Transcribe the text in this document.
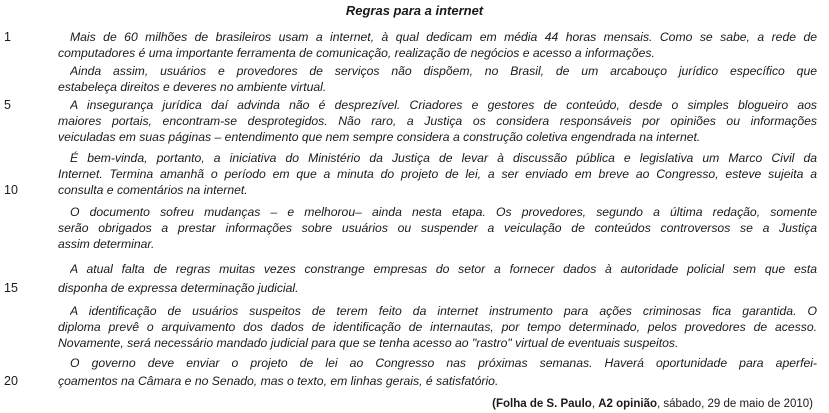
Regras para a internet
1	Mais de 60 milhões de brasileiros usam a internet, à qual dedicam em média 44 horas mensais. Como se sabe, a rede de
computadores é uma importante ferramenta de comunicação, realização de negócios e acesso a informações.
Ainda assim, usuários e provedores de serviços não dispõem, no Brasil, de um arcabouço jurídico específico que
estabeleça direitos e deveres no ambiente virtual.
5	A insegurança jurídica daí advinda não é desprezível. Criadores e gestores de conteúdo, desde o simples blogueiro aos
maiores portais, encontram-se desprotegidos. Não raro, a Justiça os considera responsáveis por opiniões ou informações
veiculadas em suas páginas – entendimento que nem sempre considera a construção coletiva engendrada na internet.
É bem-vinda, portanto, a iniciativa do Ministério da Justiça de levar à discussão pública e legislativa um Marco Civil da
Internet. Termina amanhã o período em que a minuta do projeto de lei, a ser enviado em breve ao Congresso, esteve sujeita a
10	consulta e comentários na internet.
O documento sofreu mudanças – e melhorou– ainda nesta etapa. Os provedores, segundo a última redação, somente
serão obrigados a prestar informações sobre usuários ou suspender a veiculação de conteúdos controversos se a Justiça
assim determinar.
A atual falta de regras muitas vezes constrange empresas do setor a fornecer dados à autoridade policial sem que esta
15	disponha de expressa determinação judicial.
A identificação de usuários suspeitos de terem feito da internet instrumento para ações criminosas fica garantida. O
diploma prevê o arquivamento dos dados de identificação de internautas, por tempo determinado, pelos provedores de acesso.
Novamente, será necessário mandado judicial para que se tenha acesso ao "rastro" virtual de eventuais suspeitos.
O governo deve enviar o projeto de lei ao Congresso nas próximas semanas. Haverá oportunidade para aperfei-
20	çoamentos na Câmara e no Senado, mas o texto, em linhas gerais, é satisfatório.
(Folha de S. Paulo, A2 opinião, sábado, 29 de maio de 2010)
